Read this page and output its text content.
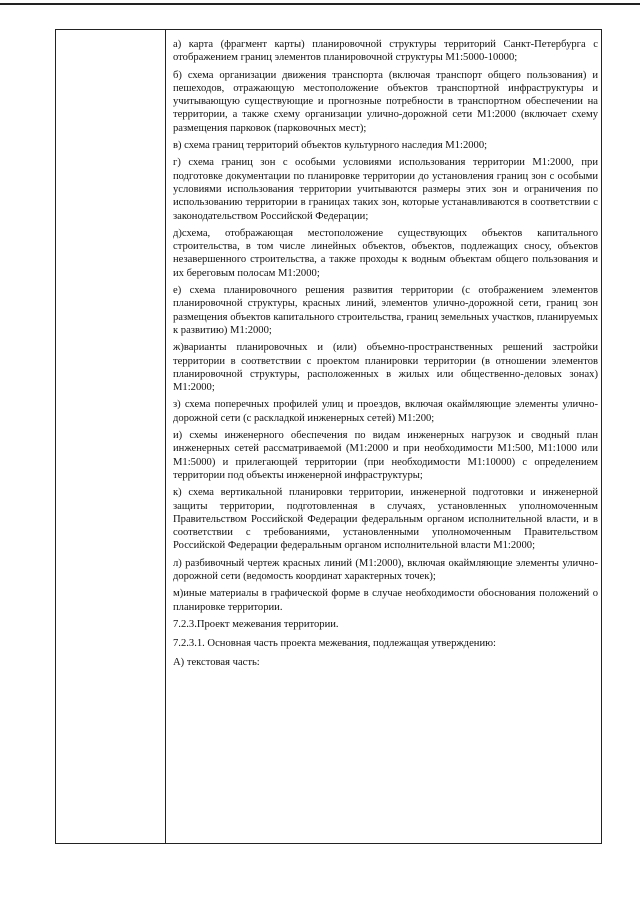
а) карта (фрагмент карты) планировочной структуры территорий Санкт-Петербурга с отображением границ элементов планировочной структуры М1:5000-10000;

б) схема организации движения транспорта (включая транспорт общего пользования) и пешеходов, отражающую местоположение объектов транспортной инфраструктуры и учитывающую существующие и прогнозные потребности в транспортном обеспечении на территории, а также схему организации улично-дорожной сети М1:2000 (включает схему размещения парковок (парковочных мест);

в) схема границ территорий объектов культурного наследия М1:2000;

г) схема границ зон с особыми условиями использования территории М1:2000, при подготовке документации по планировке территории до установления границ зон с особыми условиями использования территории учитываются размеры этих зон и ограничения по использованию территории в границах таких зон, которые устанавливаются в соответствии с законодательством Российской Федерации;

д)схема, отображающая местоположение существующих объектов капитального строительства, в том числе линейных объектов, объектов, подлежащих сносу, объектов незавершенного строительства, а также проходы к водным объектам общего пользования и их береговым полосам М1:2000;

е) схема планировочного решения развития территории (с отображением элементов планировочной структуры, красных линий, элементов улично-дорожной сети, границ зон размещения объектов капитального строительства, границ земельных участков, планируемых к развитию) М1:2000;

ж)варианты планировочных и (или) объемно-пространственных решений застройки территории в соответствии с проектом планировки территории (в отношении элементов планировочной структуры, расположенных в жилых или общественно-деловых зонах) М1:2000;

з) схема поперечных профилей улиц и проездов, включая окаймляющие элементы улично-дорожной сети (с раскладкой инженерных сетей) М1:200;

и) схемы инженерного обеспечения по видам инженерных нагрузок и сводный план инженерных сетей рассматриваемой (М1:2000 и при необходимости М1:500, М1:1000 или М1:5000) и прилегающей территории (при необходимости М1:10000) с определением территории под объекты инженерной инфраструктуры;

к) схема вертикальной планировки территории, инженерной подготовки и инженерной защиты территории, подготовленная в случаях, установленных уполномоченным Правительством Российской Федерации федеральным органом исполнительной власти, и в соответствии с требованиями, установленными уполномоченным Правительством Российской Федерации федеральным органом исполнительной власти М1:2000;

л) разбивочный чертеж красных линий (М1:2000), включая окаймляющие элементы улично-дорожной сети (ведомость координат характерных точек);

м)иные материалы в графической форме в случае необходимости обоснования положений о планировке территории.

7.2.3.Проект межевания территории.

7.2.3.1. Основная часть проекта межевания, подлежащая утверждению:

А) текстовая часть:
